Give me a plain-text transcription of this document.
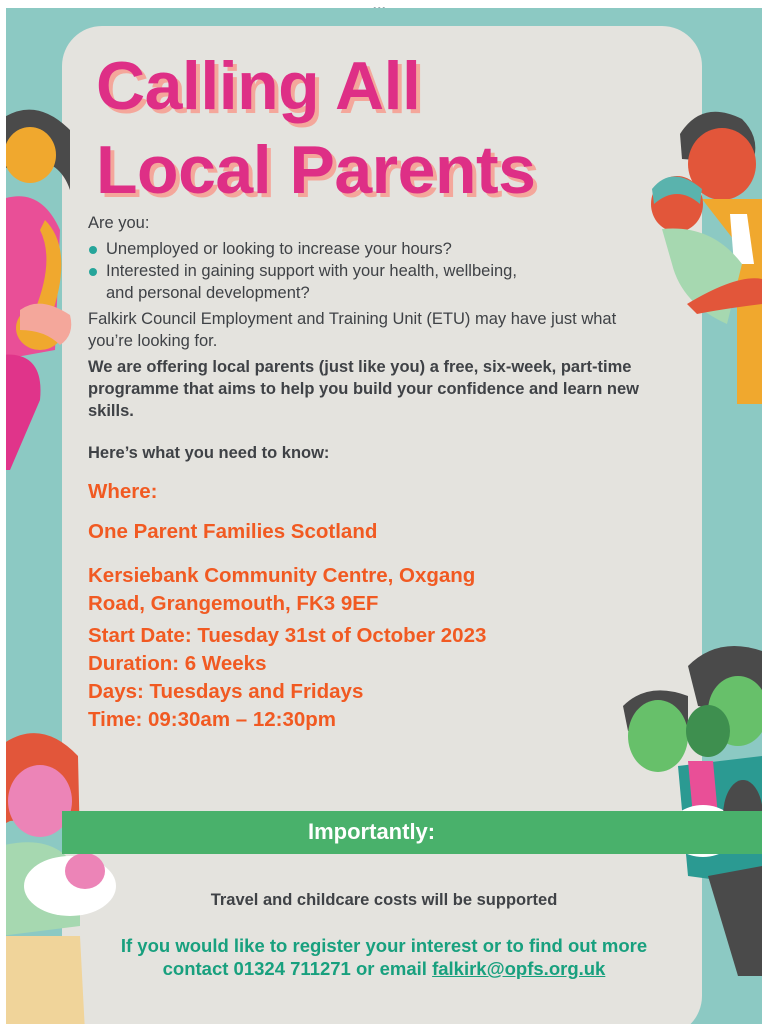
Importantly:
Calling All
Local Parents
Are you:
Unemployed or looking to increase your hours?
Interested in gaining support with your health, wellbeing,
and personal development?
Falkirk Council Employment and Training Unit (ETU) may have just what
you’re looking for.
We are offering local parents (just like you) a free, six-week, part-time
programme that aims to help you build your confidence and learn new
skills.
Here’s what you need to know:
Where:
One Parent Families Scotland
Kersiebank Community Centre, Oxgang
Road, Grangemouth, FK3 9EF
Start Date: Tuesday 31st of October 2023
Duration: 6 Weeks
Days: Tuesdays and Fridays
Time: 09:30am – 12:30pm
Travel and childcare costs will be supported
If you would like to register your interest or to find out more
contact 01324 711271 or email falkirk@opfs.org.uk
